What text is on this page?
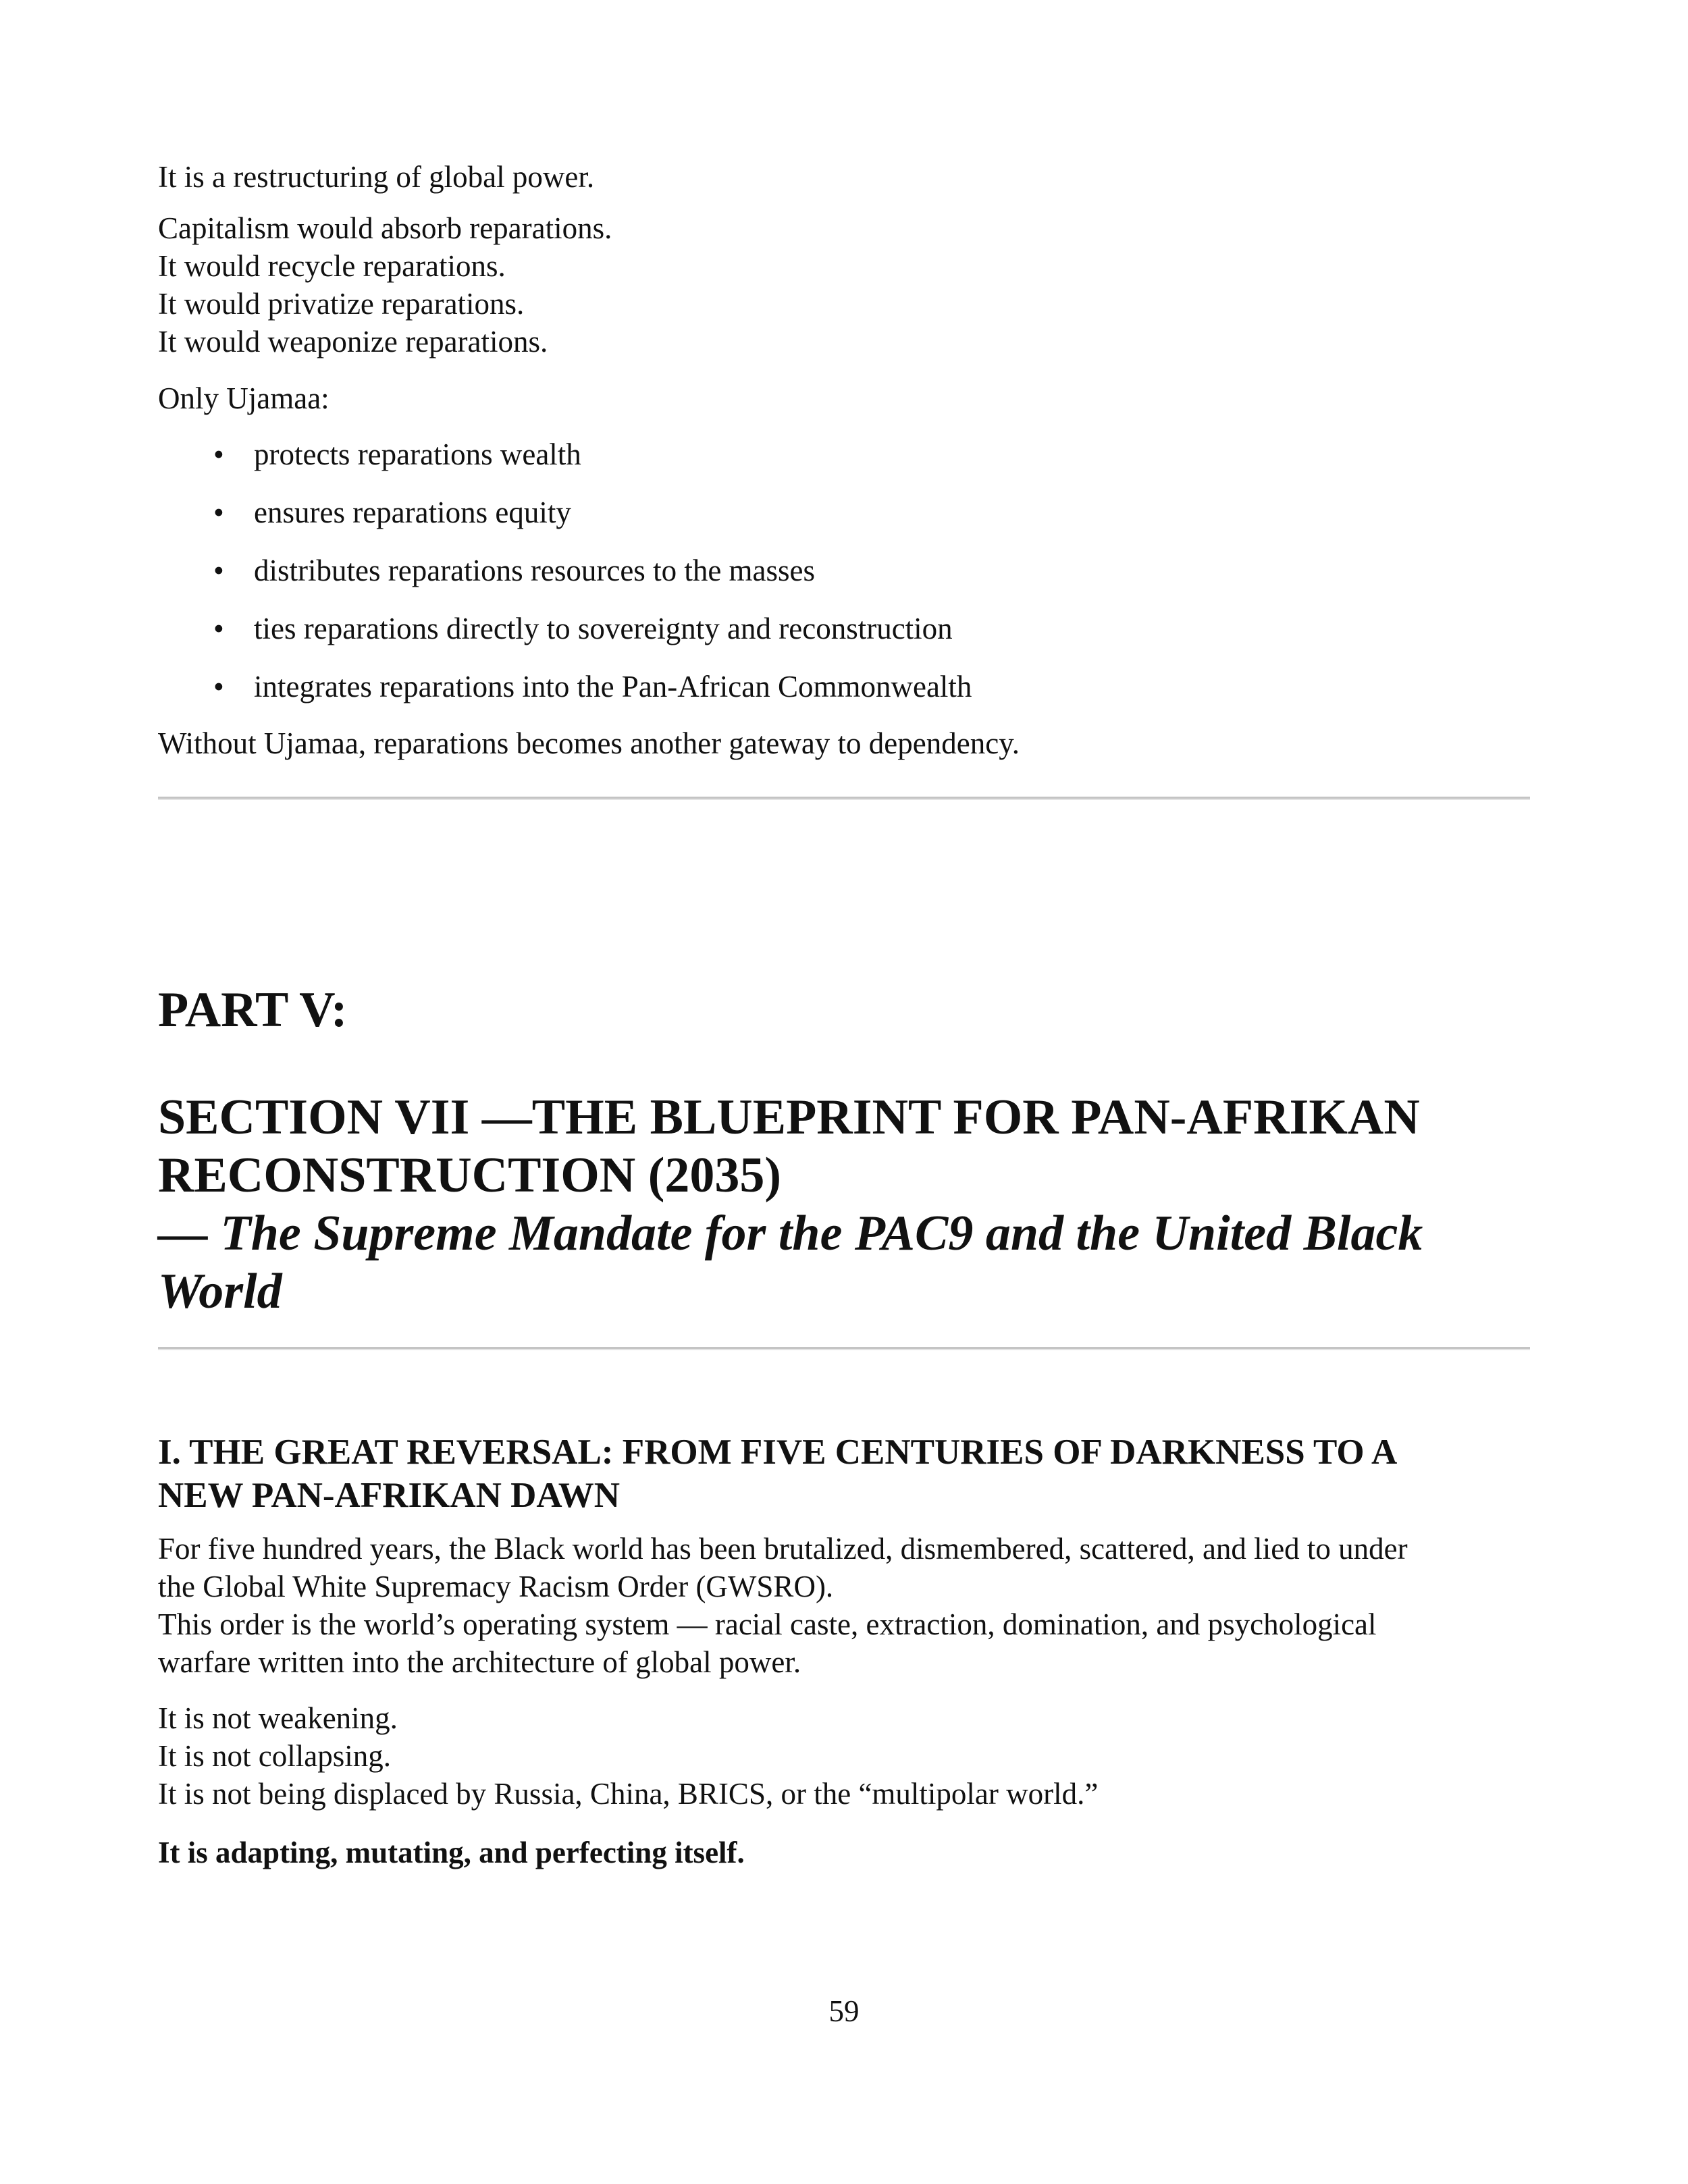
It is a restructuring of global power.

Capitalism would absorb reparations.
It would recycle reparations.
It would privatize reparations.
It would weaponize reparations.

Only Ujamaa:

• protects reparations wealth
• ensures reparations equity
• distributes reparations resources to the masses
• ties reparations directly to sovereignty and reconstruction
• integrates reparations into the Pan-African Commonwealth

Without Ujamaa, reparations becomes another gateway to dependency.

PART V:

SECTION VII —THE BLUEPRINT FOR PAN-AFRIKAN

RECONSTRUCTION (2035)

— The Supreme Mandate for the PAC9 and the United Black

World

I. THE GREAT REVERSAL: FROM FIVE CENTURIES OF DARKNESS TO A

NEW PAN-AFRIKAN DAWN

For five hundred years, the Black world has been brutalized, dismembered, scattered, and lied to under
the Global White Supremacy Racism Order (GWSRO).
This order is the world’s operating system — racial caste, extraction, domination, and psychological
warfare written into the architecture of global power.
It is not weakening.
It is not collapsing.
It is not being displaced by Russia, China, BRICS, or the “multipolar world.”

It is adapting, mutating, and perfecting itself.

59
